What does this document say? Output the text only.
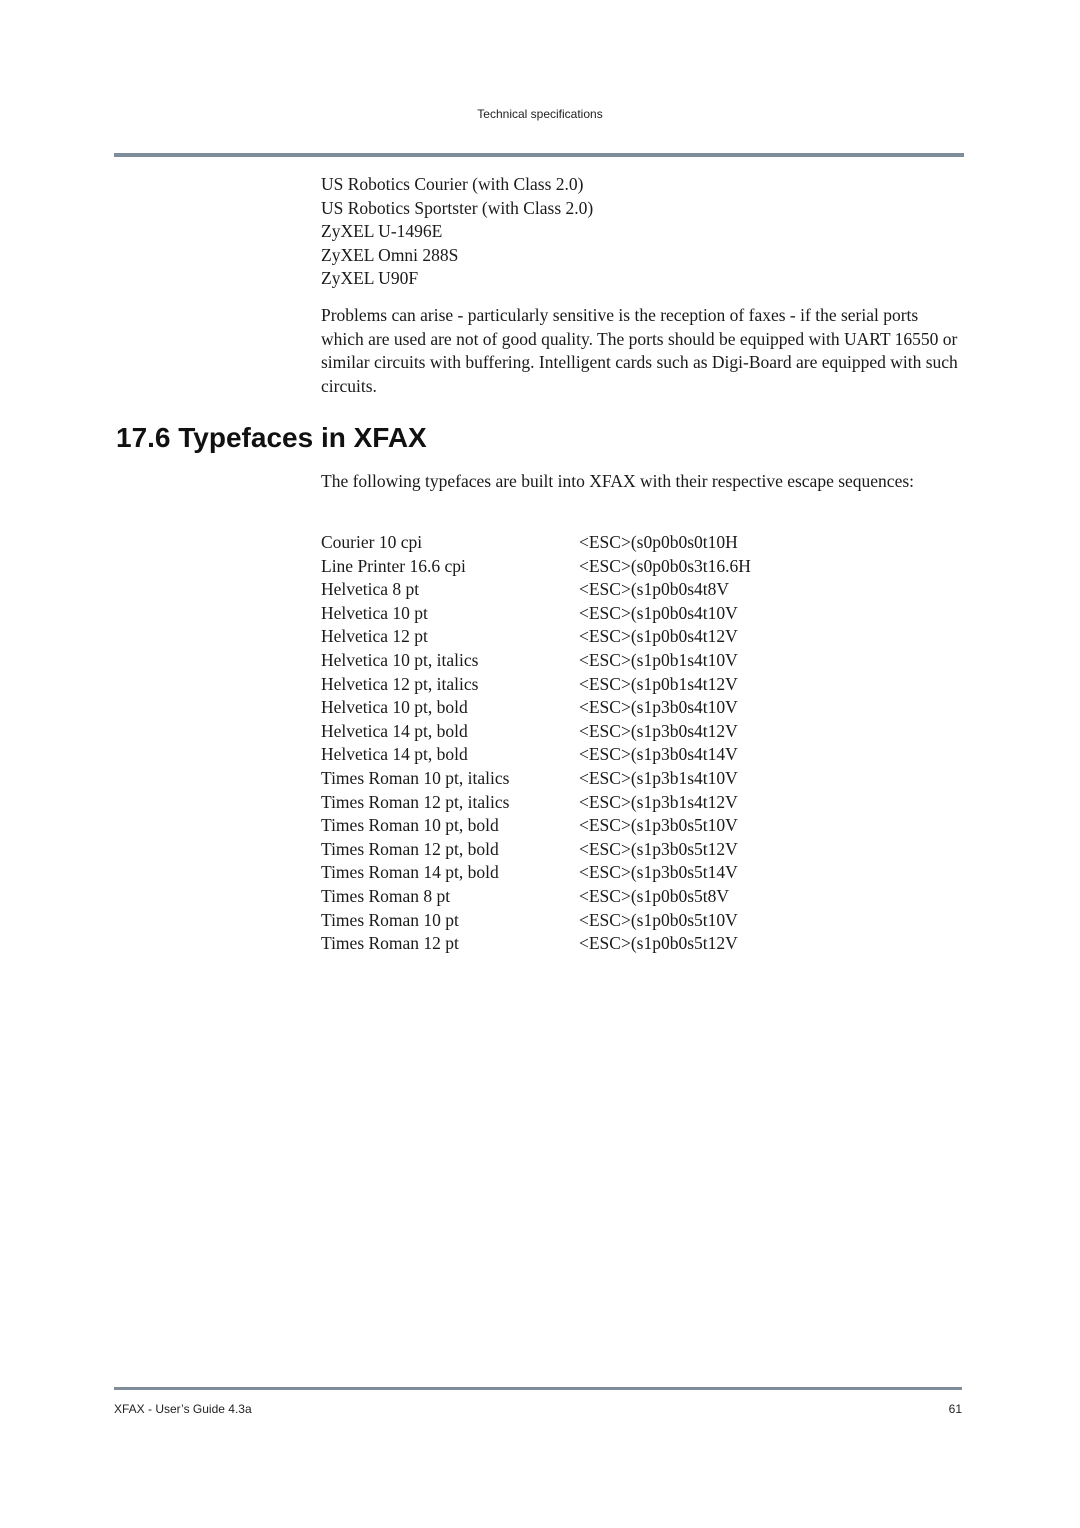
Technical specifications
US Robotics Courier (with Class 2.0)
US Robotics Sportster (with Class 2.0)
ZyXEL U-1496E
ZyXEL Omni 288S
ZyXEL U90F
Problems can arise - particularly sensitive is the reception of faxes - if the serial ports which are used are not of good quality. The ports should be equipped with UART 16550 or similar circuits with buffering. Intelligent cards such as Digi-Board are equipped with such circuits.
17.6 Typefaces in XFAX
The following typefaces are built into XFAX with their respective escape sequences:
Courier 10 cpi	<ESC>(s0p0b0s0t10H
Line Printer 16.6 cpi	<ESC>(s0p0b0s3t16.6H
Helvetica 8 pt	<ESC>(s1p0b0s4t8V
Helvetica 10 pt	<ESC>(s1p0b0s4t10V
Helvetica 12 pt	<ESC>(s1p0b0s4t12V
Helvetica 10 pt, italics	<ESC>(s1p0b1s4t10V
Helvetica 12 pt, italics	<ESC>(s1p0b1s4t12V
Helvetica 10 pt, bold	<ESC>(s1p3b0s4t10V
Helvetica 14 pt, bold	<ESC>(s1p3b0s4t12V
Helvetica 14 pt, bold	<ESC>(s1p3b0s4t14V
Times Roman 10 pt, italics	<ESC>(s1p3b1s4t10V
Times Roman 12 pt, italics	<ESC>(s1p3b1s4t12V
Times Roman 10 pt, bold	<ESC>(s1p3b0s5t10V
Times Roman 12 pt, bold	<ESC>(s1p3b0s5t12V
Times Roman 14 pt, bold	<ESC>(s1p3b0s5t14V
Times Roman 8 pt	<ESC>(s1p0b0s5t8V
Times Roman 10 pt	<ESC>(s1p0b0s5t10V
Times Roman 12 pt	<ESC>(s1p0b0s5t12V
XFAX - User’s Guide 4.3a	61
